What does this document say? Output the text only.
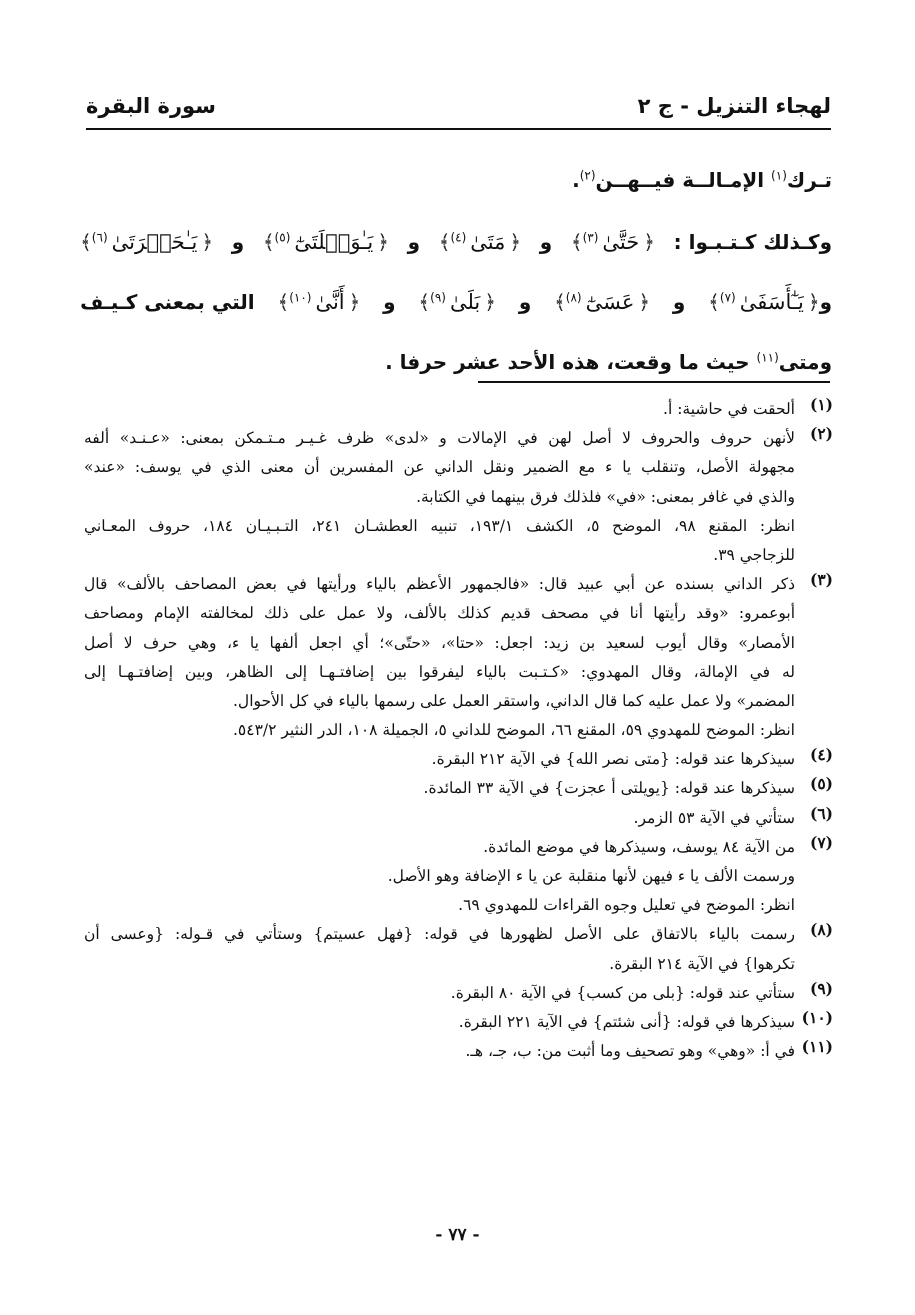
لهجاء التنزيل - ج ٢
سورة البقرة
تـرك$^{(١)}$ الإمـالــة فيــهــن$^{(٢)}$.
وكـذلك كـتـبـوا :
﴿حَتَّىٰ$^{(٣)}$﴾
و
﴿مَتَىٰ$^{(٤)}$﴾
و
﴿يَـٰوَيۡلَتَىٰٓ$^{(٥)}$﴾
و
﴿يَـٰحَسۡرَتَىٰ$^{(٦)}$﴾
و﴿يَـٰٓأَسَفَىٰ$^{(٧)}$﴾
و
﴿عَسَىٰٓ$^{(٨)}$﴾
و
﴿بَلَىٰ$^{(٩)}$﴾
و
﴿أَنَّىٰ$^{(١٠)}$﴾
التي بمعنى كـيـف
ومتى$^{(١١)}$ حيث ما وقعت، هذه الأحد عشر حرفا .
(١)
ألحقت في حاشية: أ.
(٢)
لأنهن حروف والحروف لا أصل لهن في الإمالات و «لدى» ظرف غـيـر مـتـمكن بمعنى: «عـنـد» ألفه
مجهولة الأصل، وتنقلب يا ء مع الضمير ونقل الداني عن المفسرين أن معنى الذي في يوسف: «عند»
والذي في غافر بمعنى: «في» فلذلك فرق بينهما في الكتابة.
انظر: المقنع ٩٨، الموضح ٥، الكشف ١٩٣/١، تنبيه العطشـان ٢٤١، التـبـيـان ١٨٤، حروف المعـاني
للزجاجي ٣٩.
(٣)
ذكر الداني بسنده عن أبي عبيد قال: «فالجمهور الأعظم بالياء ورأيتها في بعض المصاحف بالألف» قال
أبوعمرو: «وقد رأيتها أنا في مصحف قديم كذلك بالألف، ولا عمل على ذلك لمخالفته الإمام ومصاحف
الأمصار» وقال أيوب لسعيد بن زيد: اجعل: «حتا»، «حتّى»؛ أي اجعل ألفها يا ء، وهي حرف لا أصل
له في الإمالة، وقال المهدوي: «كـتـبت بالياء ليفرقوا بين إضافتـهـا إلى الظاهر، وبين إضافتـهـا إلى
المضمر» ولا عمل عليه كما قال الداني، واستقر العمل على رسمها بالياء في كل الأحوال.
انظر: الموضح للمهدوي ٥٩، المقنع ٦٦، الموضح للداني ٥، الجميلة ١٠٨، الدر النثير ٥٤٣/٢.
(٤)
سيذكرها عند قوله: {متى نصر الله} في الآية ٢١٢ البقرة.
(٥)
سيذكرها عند قوله: {يويلتى أ عجزت} في الآية ٣٣ المائدة.
(٦)
ستأتي في الآية ٥٣ الزمر.
(٧)
من الآية ٨٤ يوسف، وسيذكرها في موضع المائدة.
ورسمت الألف يا ء فيهن لأنها منقلبة عن يا ء الإضافة وهو الأصل.
انظر: الموضح في تعليل وجوه القراءات للمهدوي ٦٩.
(٨)
رسمت بالياء بالاتفاق على الأصل لظهورها في قوله: {فهل عسيتم} وستأتي في قـوله: {وعسى أن
تكرهوا} في الآية ٢١٤ البقرة.
(٩)
ستأتي عند قوله: {بلى من كسب} في الآية ٨٠ البقرة.
(١٠)
سيذكرها في قوله: {أنى شئتم} في الآية ٢٢١ البقرة.
(١١)
في أ: «وهي» وهو تصحيف وما أثبت من: ب، جـ، هـ.
- ٧٧ -
